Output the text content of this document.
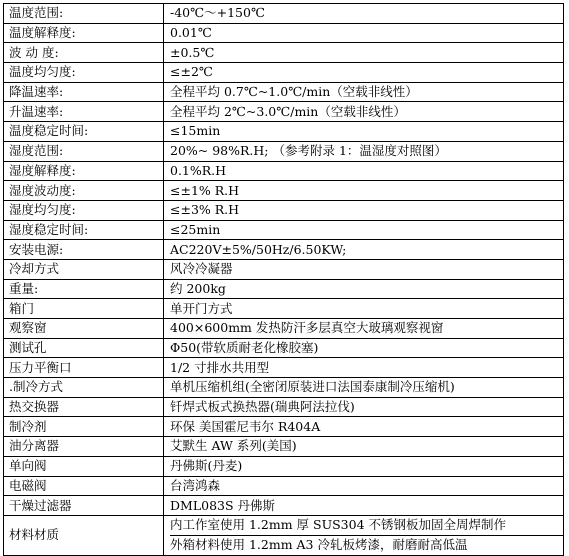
温度范围:	-40℃～+150℃
温度解释度:	0.01℃
波 动 度:	±0.5℃
温度均匀度:	≤±2℃
降温速率:	全程平均 0.7℃~1.0℃/min（空载非线性）
升温速率:	全程平均 2℃~3.0℃/min（空载非线性）
温度稳定时间:	≤15min
湿度范围:	20%~ 98%R.H; （参考附录 1：温湿度对照图）
湿度解释度:	0.1%R.H
湿度波动度:	≤±1% R.H
湿度均匀度:	≤±3% R.H
湿度稳定时间:	≤25min
安装电源:	AC220V±5%/50Hz/6.50KW;
冷却方式	风冷冷凝器
重量:	约 200kg
箱门	单开门方式
观察窗	400×600mm 发热防汗多层真空大玻璃观察视窗
测试孔	Φ50(带软质耐老化橡胶塞)
压力平衡口	1/2 寸排水共用型
.制冷方式	单机压缩机组(全密闭原装进口法国泰康制冷压缩机)
热交换器	钎焊式板式换热器(瑞典阿法拉伐)
制冷剂	环保 美国霍尼韦尔 R404A
油分离器	艾默生 AW 系列(美国)
单向阀	丹佛斯(丹麦)
电磁阀	台湾鸿森
干燥过滤器	DML083S 丹佛斯
材料材质	内工作室使用 1.2mm 厚 SUS304 不锈钢板加固全周焊制作
外箱材料使用 1.2mm A3 冷轧板烤漆，耐磨耐高低温
